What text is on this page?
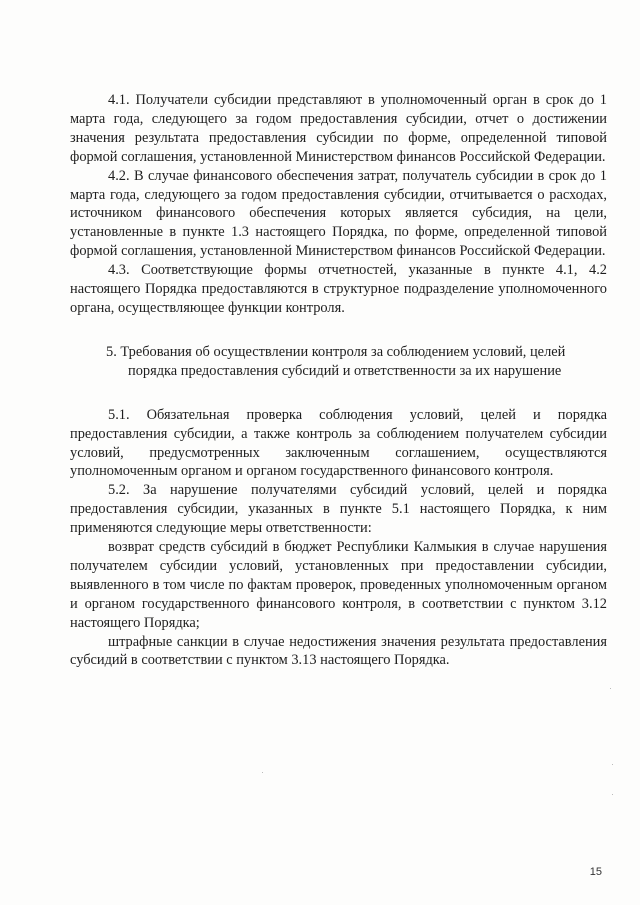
4.1. Получатели субсидии представляют в уполномоченный орган в срок до 1 марта года, следующего за годом предоставления субсидии, отчет о достижении значения результата предоставления субсидии по форме, определенной типовой формой соглашения, установленной Министерством финансов Российской Федерации.

4.2. В случае финансового обеспечения затрат, получатель субсидии в срок до 1 марта года, следующего за годом предоставления субсидии, отчитывается о расходах, источником финансового обеспечения которых является субсидия, на цели, установленные в пункте 1.3 настоящего Порядка, по форме, определенной типовой формой соглашения, установленной Министерством финансов Российской Федерации.

4.3. Соответствующие формы отчетностей, указанные в пункте 4.1, 4.2 настоящего Порядка предоставляются в структурное подразделение уполномоченного органа, осуществляющее функции контроля.

5. Требования об осуществлении контроля за соблюдением условий, целей
порядка предоставления субсидий и ответственности за их нарушение

5.1. Обязательная проверка соблюдения условий, целей и порядка предоставления субсидии, а также контроль за соблюдением получателем субсидии условий, предусмотренных заключенным соглашением, осуществляются уполномоченным органом и органом государственного финансового контроля.

5.2. За нарушение получателями субсидий условий, целей и порядка предоставления субсидии, указанных в пункте 5.1 настоящего Порядка, к ним применяются следующие меры ответственности:

возврат средств субсидий в бюджет Республики Калмыкия в случае нарушения получателем субсидии условий, установленных при предоставлении субсидии, выявленного в том числе по фактам проверок, проведенных уполномоченным органом и органом государственного финансового контроля, в соответствии с пунктом 3.12 настоящего Порядка;

штрафные санкции в случае недостижения значения результата предоставления субсидий в соответствии с пунктом 3.13 настоящего Порядка.

15
